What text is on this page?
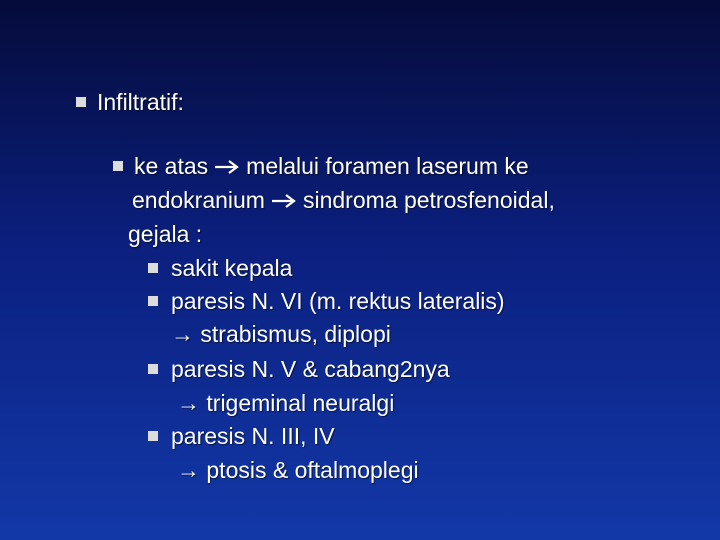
Infiltratif:
ke atas melalui foramen laserum ke
endokranium sindroma petrosfenoidal,
gejala :
sakit kepala
paresis N. VI (m. rektus lateralis)
→ strabismus, diplopi
paresis N. V & cabang2nya
→ trigeminal neuralgi
paresis N. III, IV
→ ptosis & oftalmoplegi
